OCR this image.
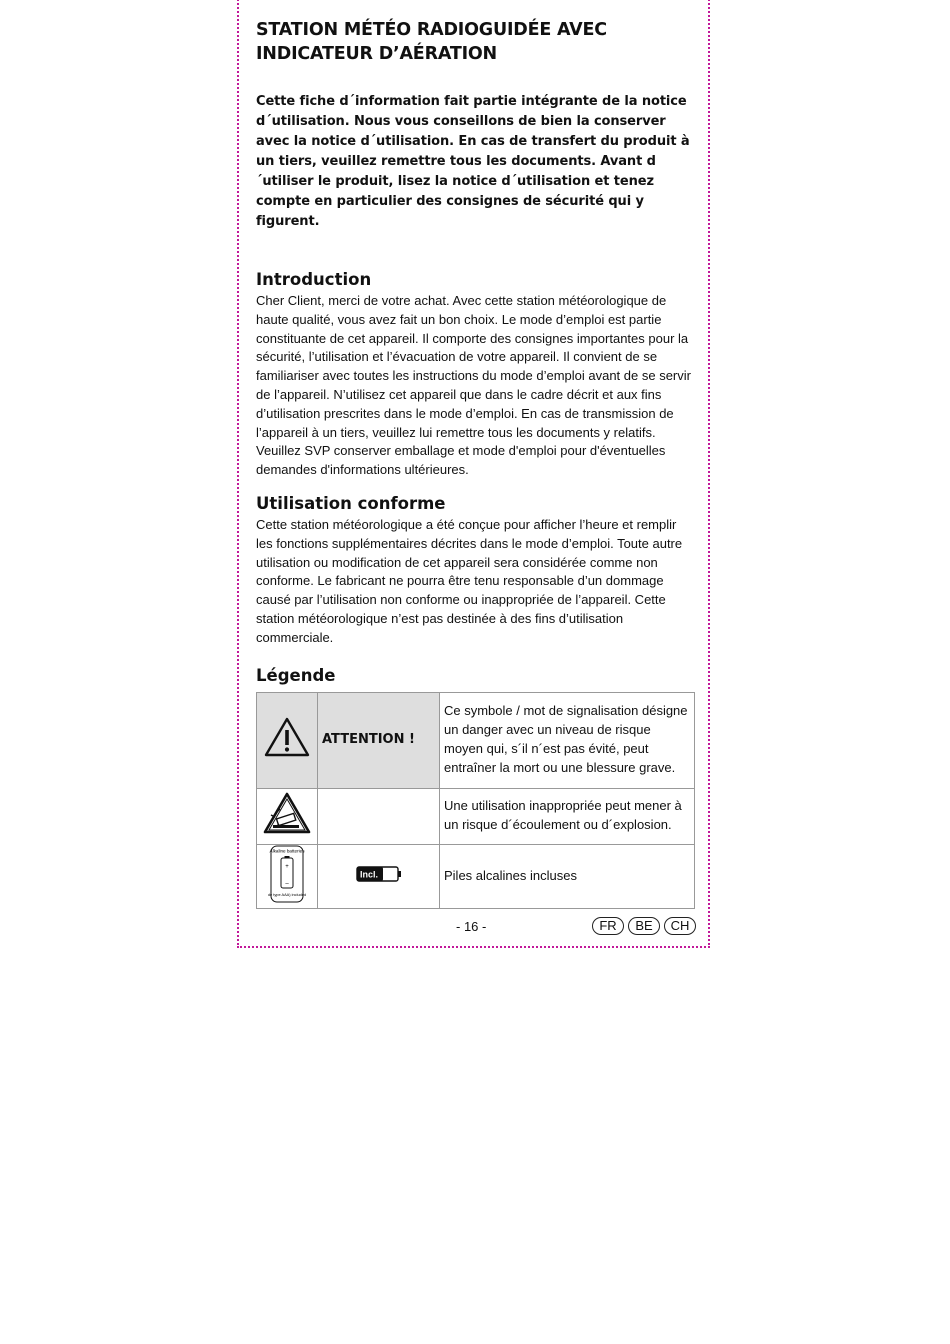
STATION MÉTÉO RADIOGUIDÉE AVEC INDICATEUR D’AÉRATION

Cette fiche d´information fait partie intégrante de la notice d´utilisation. Nous vous conseillons de bien la conserver avec la notice d´utilisation. En cas de transfert du produit à un tiers, veuillez remettre tous les documents. Avant d´utiliser le produit, lisez la notice d´utilisation et tenez compte en particulier des consignes de sécurité qui y figurent.

Introduction

Cher Client, merci de votre achat. Avec cette station météorologique de haute qualité, vous avez fait un bon choix. Le mode d’emploi est partie constituante de cet appareil. Il comporte des consignes importantes pour la sécurité, l’utilisation et l’évacuation de votre appareil. Il convient de se familiariser avec toutes les instructions du mode d’emploi avant de se servir de l’appareil. N’utilisez cet appareil que dans le cadre décrit et aux fins d’utilisation prescrites dans le mode d’emploi. En cas de transmission de l’appareil à un tiers, veuillez lui remettre tous les documents y relatifs. Veuillez SVP conserver emballage et mode d'emploi pour d'éventuelles demandes d'informations ultérieures.

Utilisation conforme

Cette station météorologique a été conçue pour afficher l’heure et remplir les fonctions supplémentaires décrites dans le mode d’emploi. Toute autre utilisation ou modification de cet appareil sera considérée comme non conforme. Le fabricant ne pourra être tenu responsable d’un dommage causé par l’utilisation non conforme ou inappropriée de l’appareil. Cette station météorologique n’est pas destinée à des fins d’utilisation commerciale.

Légende
	ATTENTION !	Ce symbole / mot de signalisation désigne un danger avec un niveau de risque moyen qui, s´il n´est pas évité, peut entraîner la mort ou une blessure grave.
		Une utilisation inappropriée peut mener à un risque d´écoulement ou d´explosion.

Alkaline batteries
+
–
de type AAA) included	Incl.	Piles alcalines incluses
- 16 -	FR	BE	CH
